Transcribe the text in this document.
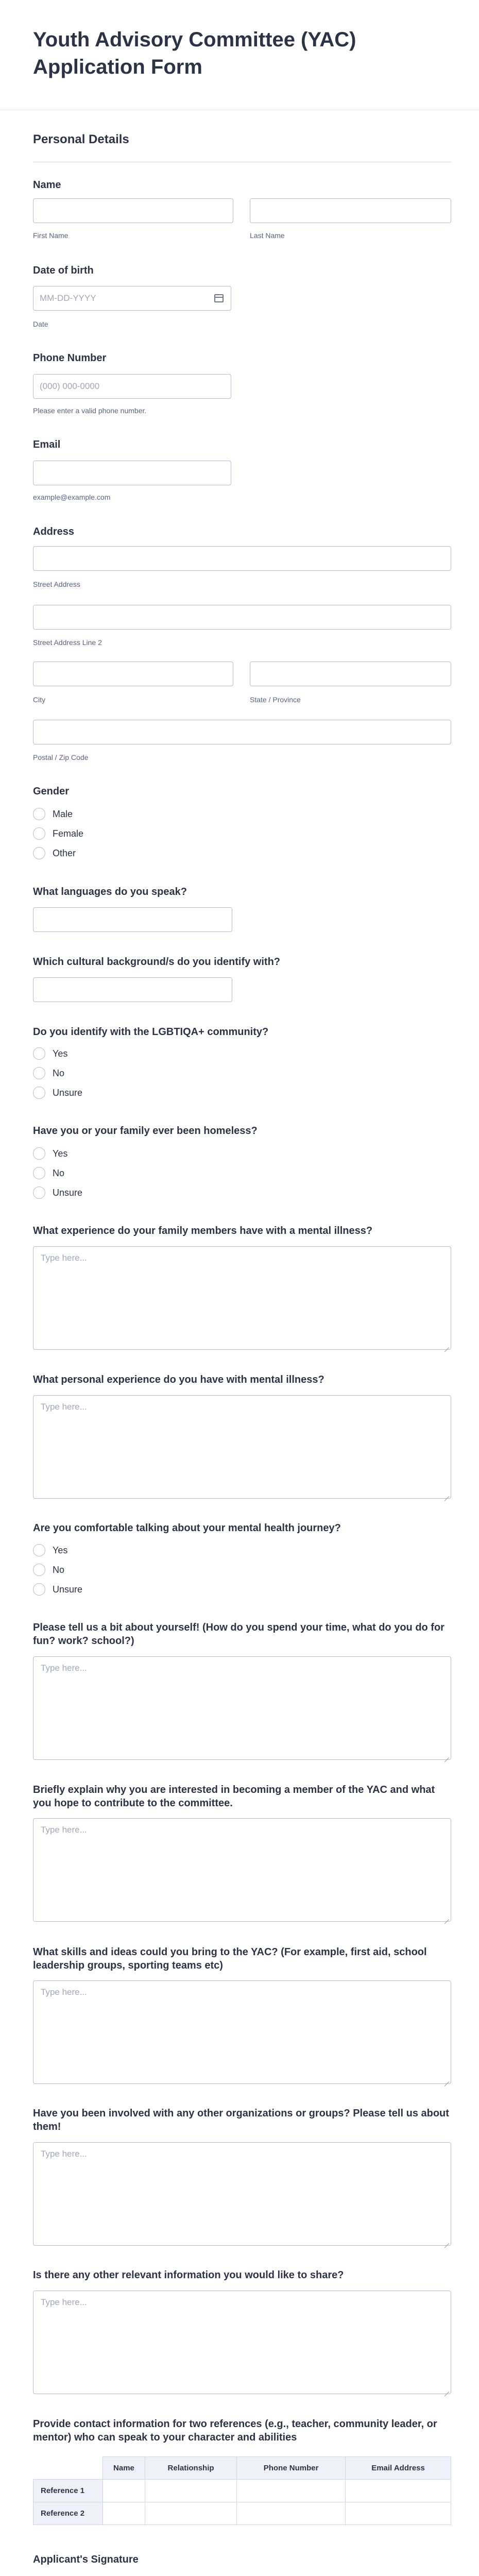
Youth Advisory Committee (YAC) Application Form
Personal Details
Name
First Name	Last Name
Date of birth
MM-DD-YYYY
Date
Phone Number
(000) 000-0000
Please enter a valid phone number.
Email
example@example.com
Address
Street Address
Street Address Line 2
City	State / Province
Postal / Zip Code
Gender
Male
Female
Other
What languages do you speak?
Which cultural background/s do you identify with?
Do you identify with the LGBTIQA+ community?
Yes
No
Unsure
Have you or your family ever been homeless?
Yes
No
Unsure
What experience do your family members have with a mental illness?
Type here...
What personal experience do you have with mental illness?
Type here...
Are you comfortable talking about your mental health journey?
Yes
No
Unsure
Please tell us a bit about yourself! (How do you spend your time, what do you do for fun? work? school?)
Type here...
Briefly explain why you are interested in becoming a member of the YAC and what you hope to contribute to the committee.
Type here...
What skills and ideas could you bring to the YAC? (For example, first aid, school leadership groups, sporting teams etc)
Type here...
Have you been involved with any other organizations or groups? Please tell us about them!
Type here...
Is there any other relevant information you would like to share?
Type here...
Provide contact information for two references (e.g., teacher, community leader, or mentor) who can speak to your character and abilities
	Name	Relationship	Phone Number	Email Address
Reference 1				
Reference 2				
Applicant's Signature
